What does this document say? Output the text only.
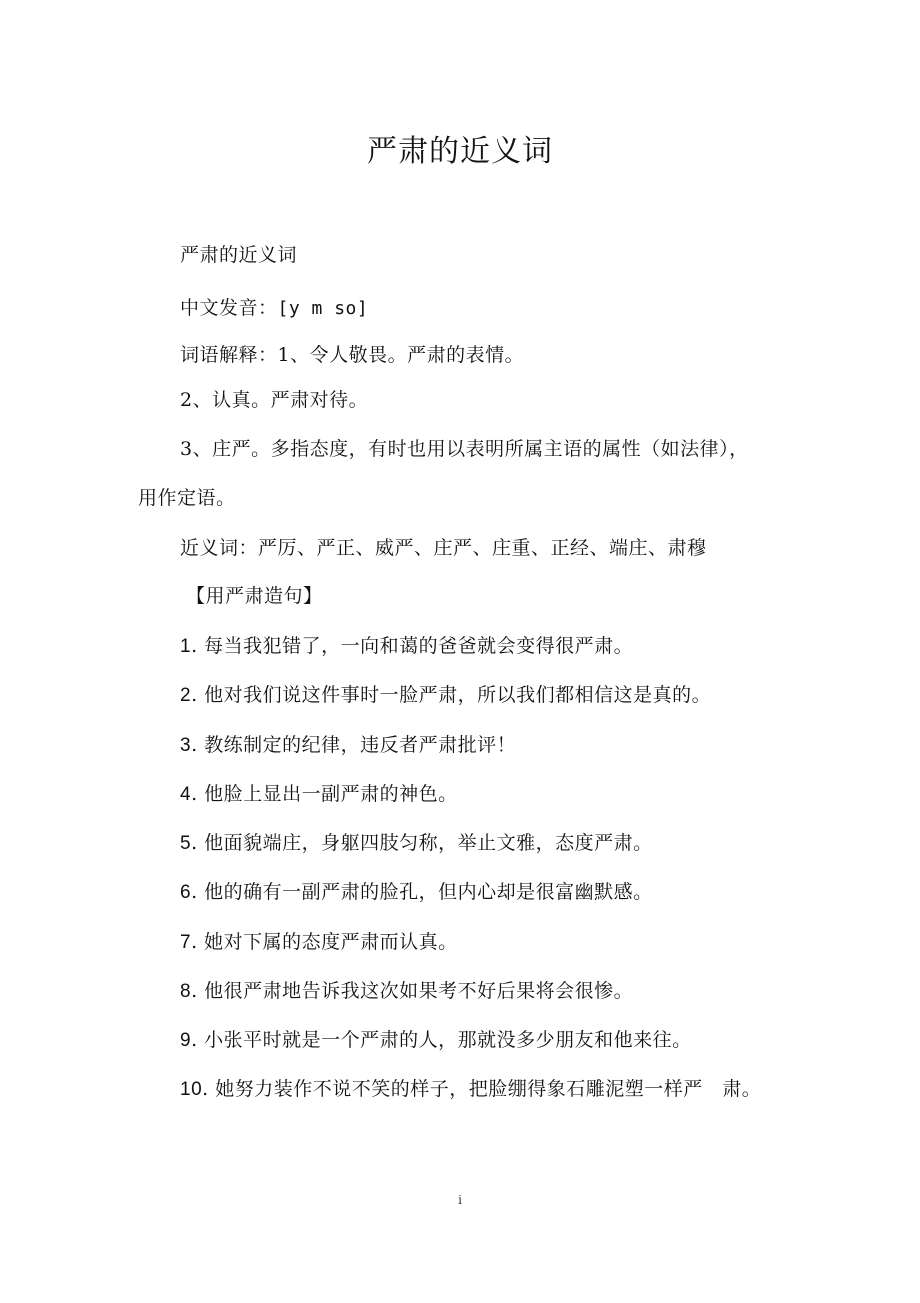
严肃的近义词
严肃的近义词
中文发音：[y m so]
词语解释：1、令人敬畏。严肃的表情。
2、认真。严肃对待。
3、庄严。多指态度，有时也用以表明所属主语的属性（如法律），
用作定语。
近义词：严厉、严正、威严、庄严、庄重、正经、端庄、肃穆
【用严肃造句】
1. 每当我犯错了，一向和蔼的爸爸就会变得很严肃。
2. 他对我们说这件事时一脸严肃，所以我们都相信这是真的。
3. 教练制定的纪律，违反者严肃批评！
4. 他脸上显出一副严肃的神色。
5. 他面貌端庄，身躯四肢匀称，举止文雅，态度严肃。
6. 他的确有一副严肃的脸孔，但内心却是很富幽默感。
7. 她对下属的态度严肃而认真。
8. 他很严肃地告诉我这次如果考不好后果将会很惨。
9. 小张平时就是一个严肃的人，那就没多少朋友和他来往。
10. 她努力装作不说不笑的样子，把脸绷得象石雕泥塑一样严　肃。
i
